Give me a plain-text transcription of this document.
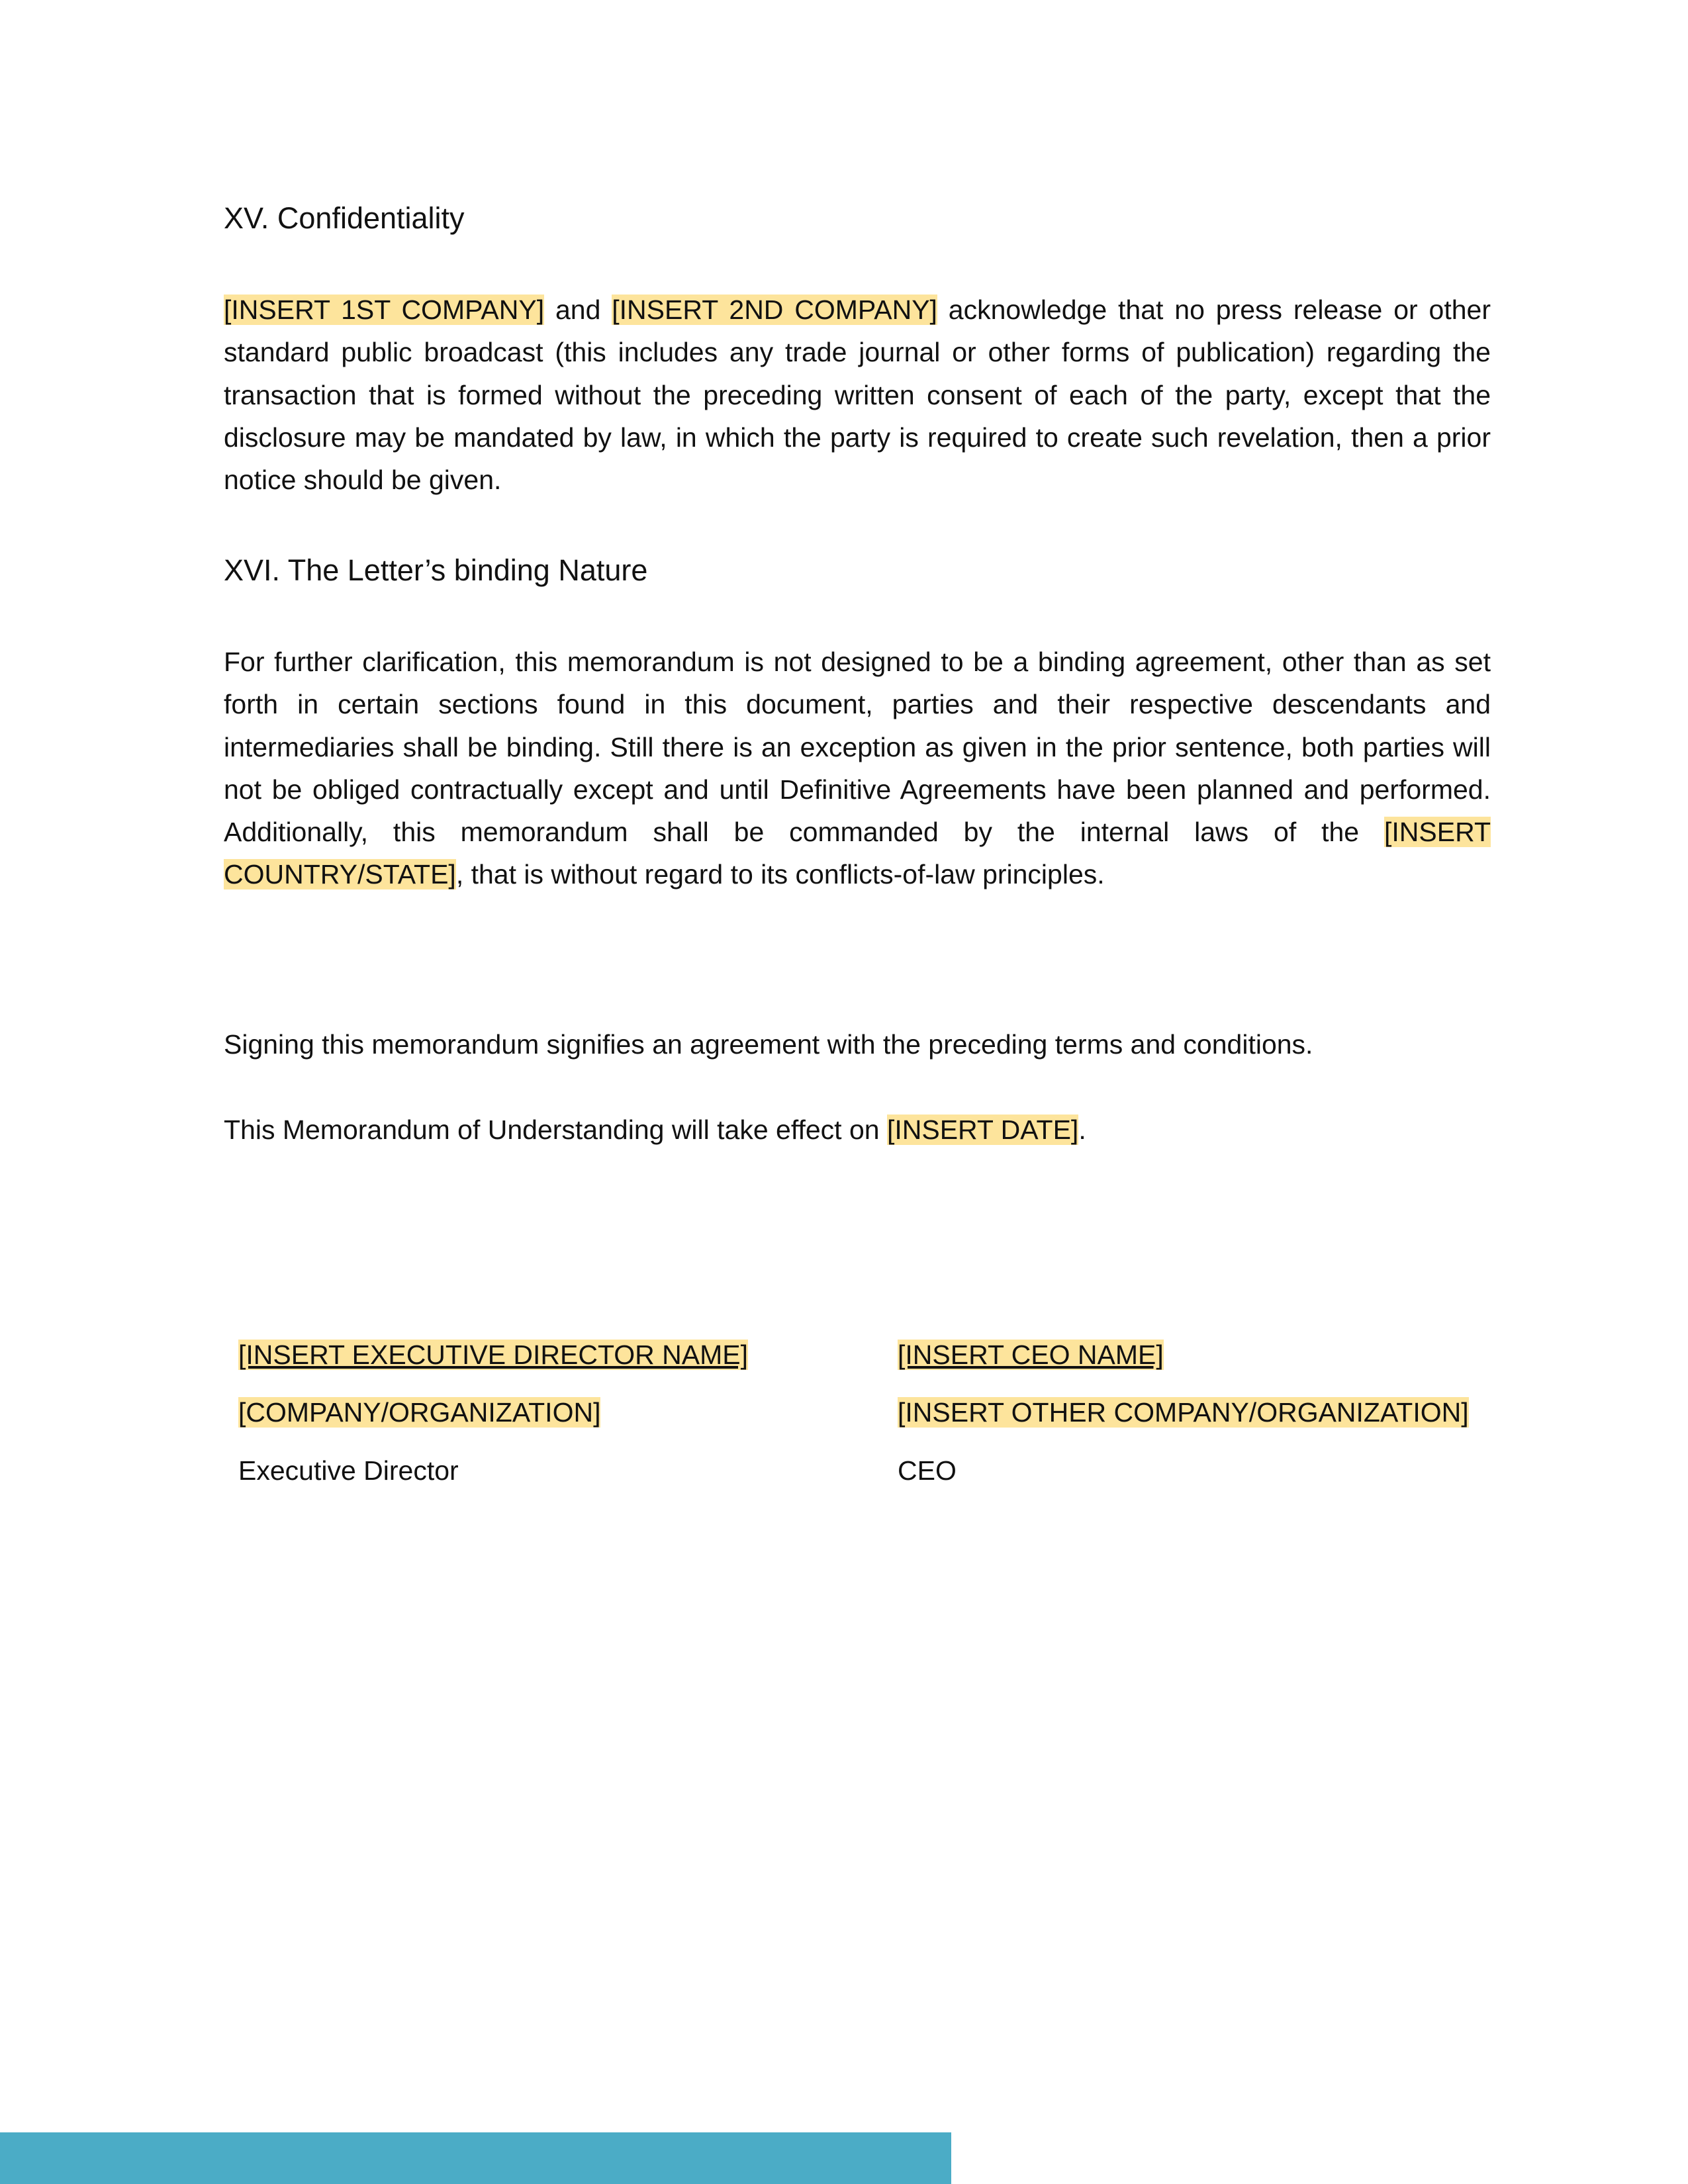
XV. Confidentiality

[INSERT 1ST COMPANY] and [INSERT 2ND COMPANY] acknowledge that no press release or other standard public broadcast (this includes any trade journal or other forms of publication) regarding the transaction that is formed without the preceding written consent of each of the party, except that the disclosure may be mandated by law, in which the party is required to create such revelation, then a prior notice should be given.

XVI. The Letter’s binding Nature

For further clarification, this memorandum is not designed to be a binding agreement, other than as set forth in certain sections found in this document, parties and their respective descendants and intermediaries shall be binding. Still there is an exception as given in the prior sentence, both parties will not be obliged contractually except and until Definitive Agreements have been planned and performed. Additionally, this memorandum shall be commanded by the internal laws of the [INSERT COUNTRY/STATE], that is without regard to its conflicts-of-law principles.

Signing this memorandum signifies an agreement with the preceding terms and conditions.

This Memorandum of Understanding will take effect on [INSERT DATE].

[INSERT EXECUTIVE DIRECTOR NAME]

[COMPANY/ORGANIZATION]

Executive Director

[INSERT CEO NAME]

[INSERT OTHER COMPANY/ORGANIZATION]

CEO
